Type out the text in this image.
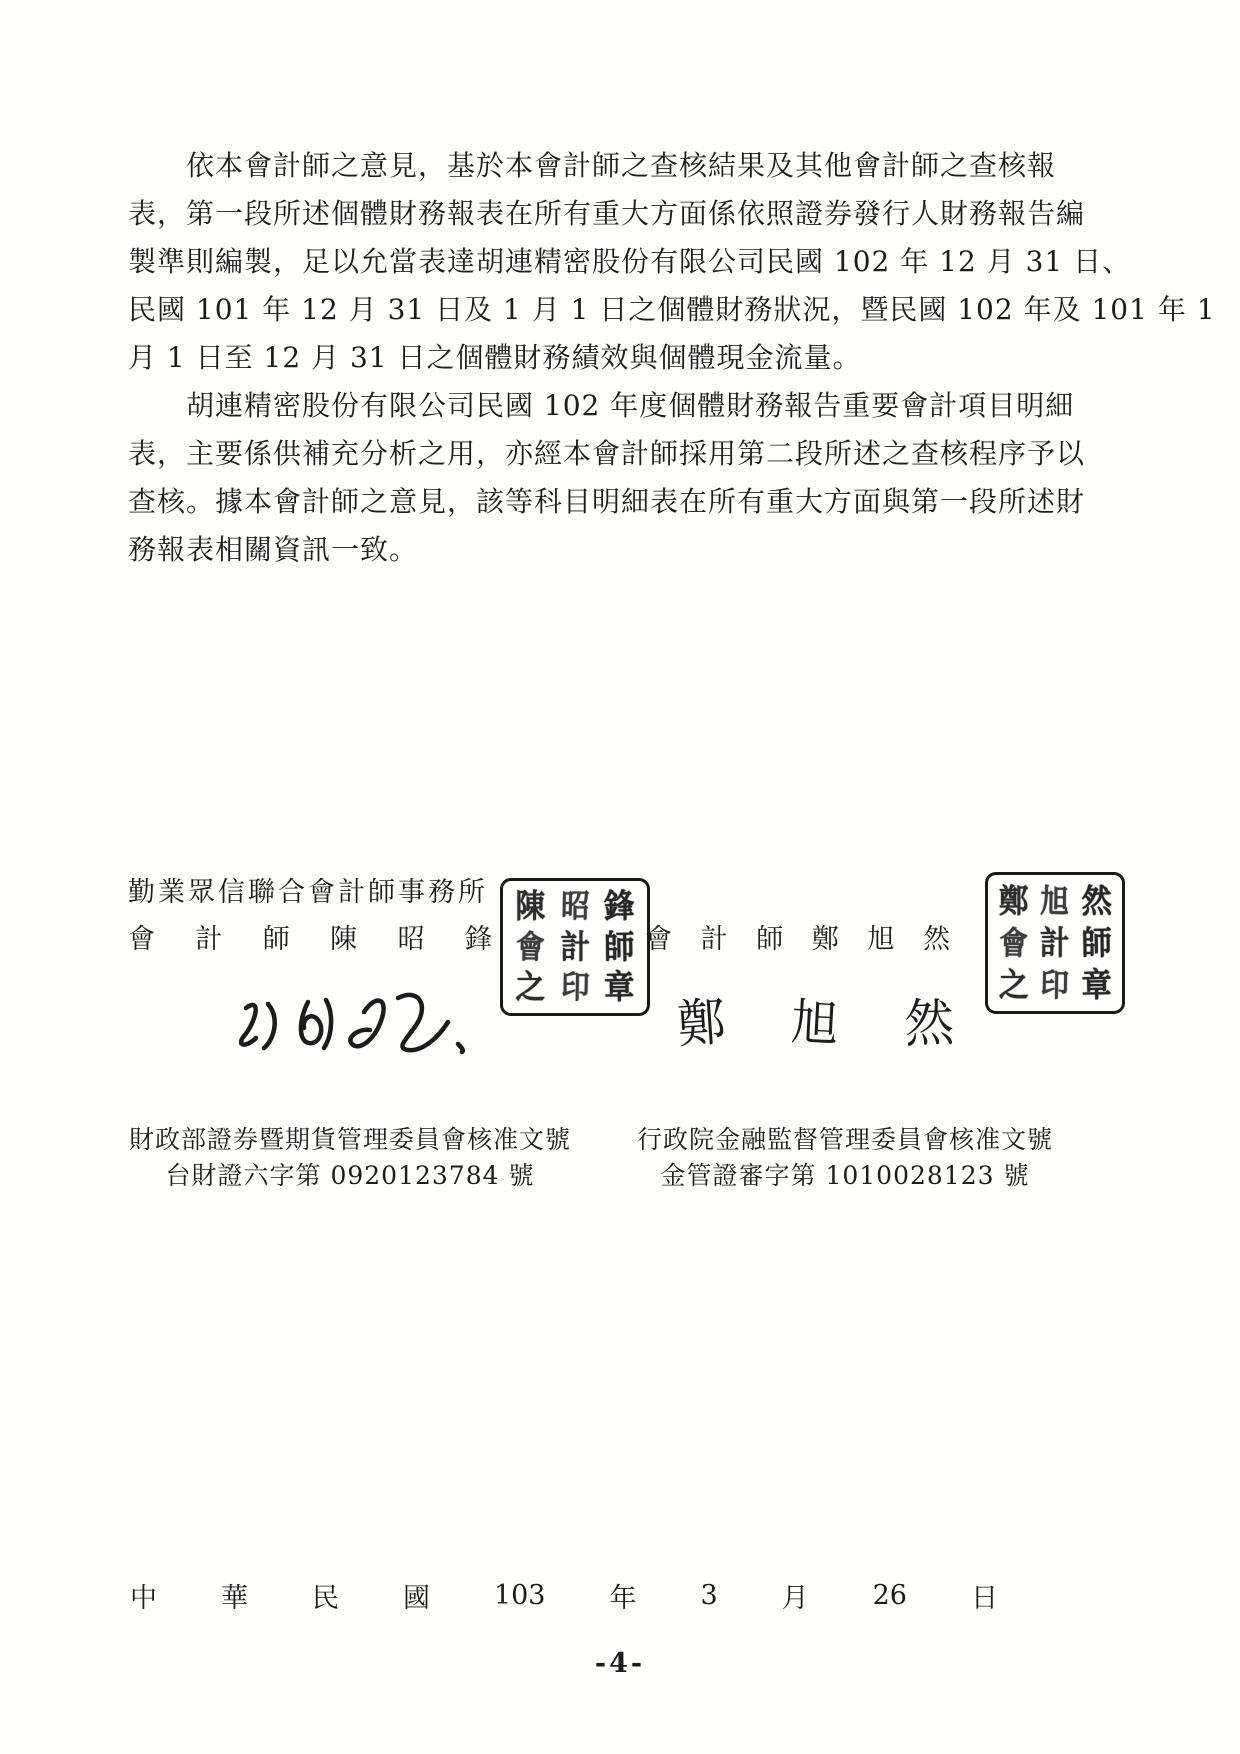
依本會計師之意見，基於本會計師之查核結果及其他會計師之查核報
表，第一段所述個體財務報表在所有重大方面係依照證券發行人財務報告編
製準則編製，足以允當表達胡連精密股份有限公司民國 102 年 12 月 31 日、
民國 101 年 12 月 31 日及 1 月 1 日之個體財務狀況，暨民國 102 年及 101 年 1
月 1 日至 12 月 31 日之個體財務績效與個體現金流量。
胡連精密股份有限公司民國 102 年度個體財務報告重要會計項目明細
表，主要係供補充分析之用，亦經本會計師採用第二段所述之查核程序予以
查核。據本會計師之意見，該等科目明細表在所有重大方面與第一段所述財
務報表相關資訊一致。
勤業眾信聯合會計師事務所
會 計 師 陳 昭 鋒	會 計 師 鄭 旭 然
陳 昭 鋒
會 計 師
之 印 章
鄭 旭 然
會 計 師
之 印 章
鄭 旭 然
財政部證券暨期貨管理委員會核准文號
台財證六字第 0920123784 號
行政院金融監督管理委員會核准文號
金管證審字第 1010028123 號
中 華 民 國 103 年 3 月 26 日
-4-
